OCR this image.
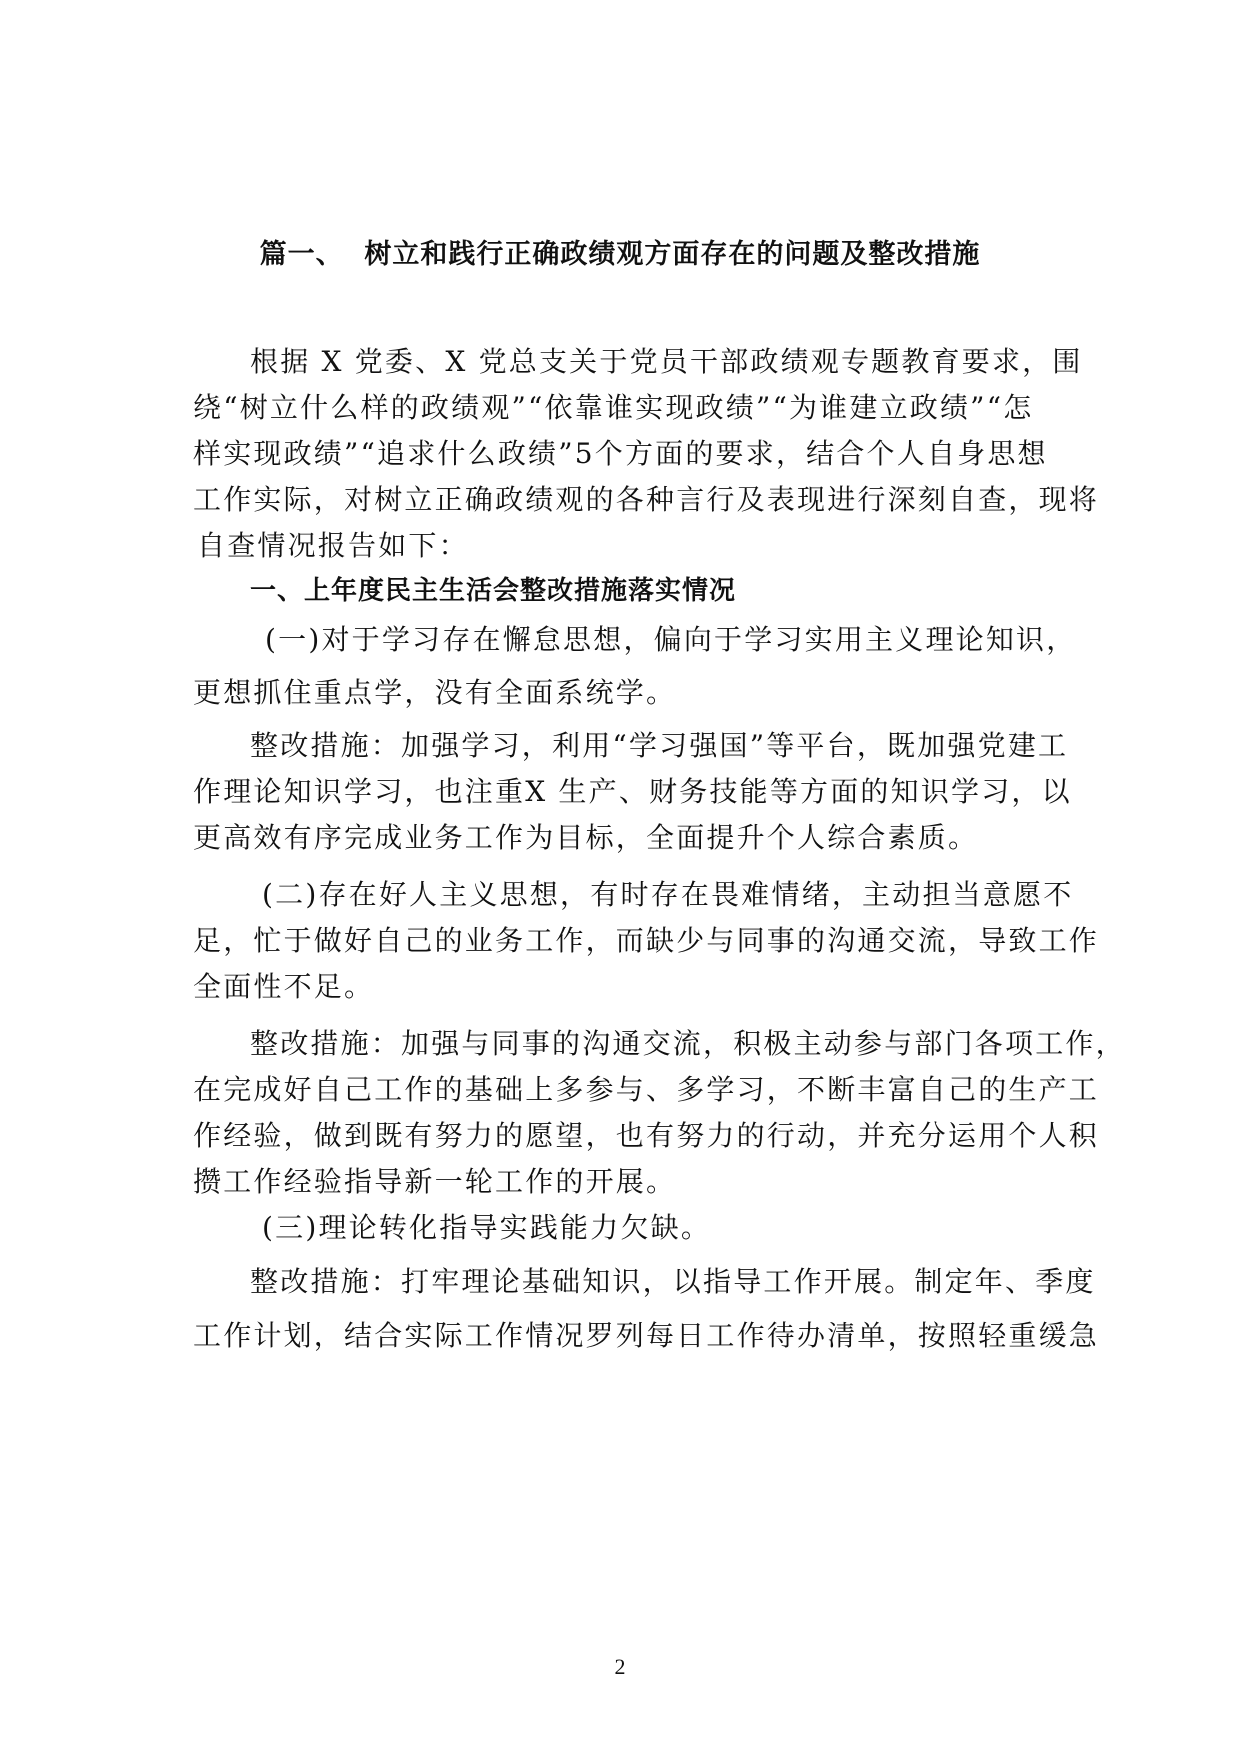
篇一、  树立和践行正确政绩观方面存在的问题及整改措施
根据 X 党委、X 党总支关于党员干部政绩观专题教育要求，围
绕“树立什么样的政绩观”“依靠谁实现政绩”“为谁建立政绩”“怎
样实现政绩”“追求什么政绩”5个方面的要求，结合个人自身思想
工作实际，对树立正确政绩观的各种言行及表现进行深刻自查，现将
自查情况报告如下：
一、上年度民主生活会整改措施落实情况
(一)对于学习存在懈怠思想，偏向于学习实用主义理论知识，
更想抓住重点学，没有全面系统学。
整改措施：加强学习，利用“学习强国”等平台，既加强党建工
作理论知识学习，也注重X 生产、财务技能等方面的知识学习，以
更高效有序完成业务工作为目标，全面提升个人综合素质。
(二)存在好人主义思想，有时存在畏难情绪，主动担当意愿不
足，忙于做好自己的业务工作，而缺少与同事的沟通交流，导致工作
全面性不足。
整改措施：加强与同事的沟通交流，积极主动参与部门各项工作，
在完成好自己工作的基础上多参与、多学习，不断丰富自己的生产工
作经验，做到既有努力的愿望，也有努力的行动，并充分运用个人积
攒工作经验指导新一轮工作的开展。
(三)理论转化指导实践能力欠缺。
整改措施：打牢理论基础知识，以指导工作开展。制定年、季度
工作计划，结合实际工作情况罗列每日工作待办清单，按照轻重缓急
2
